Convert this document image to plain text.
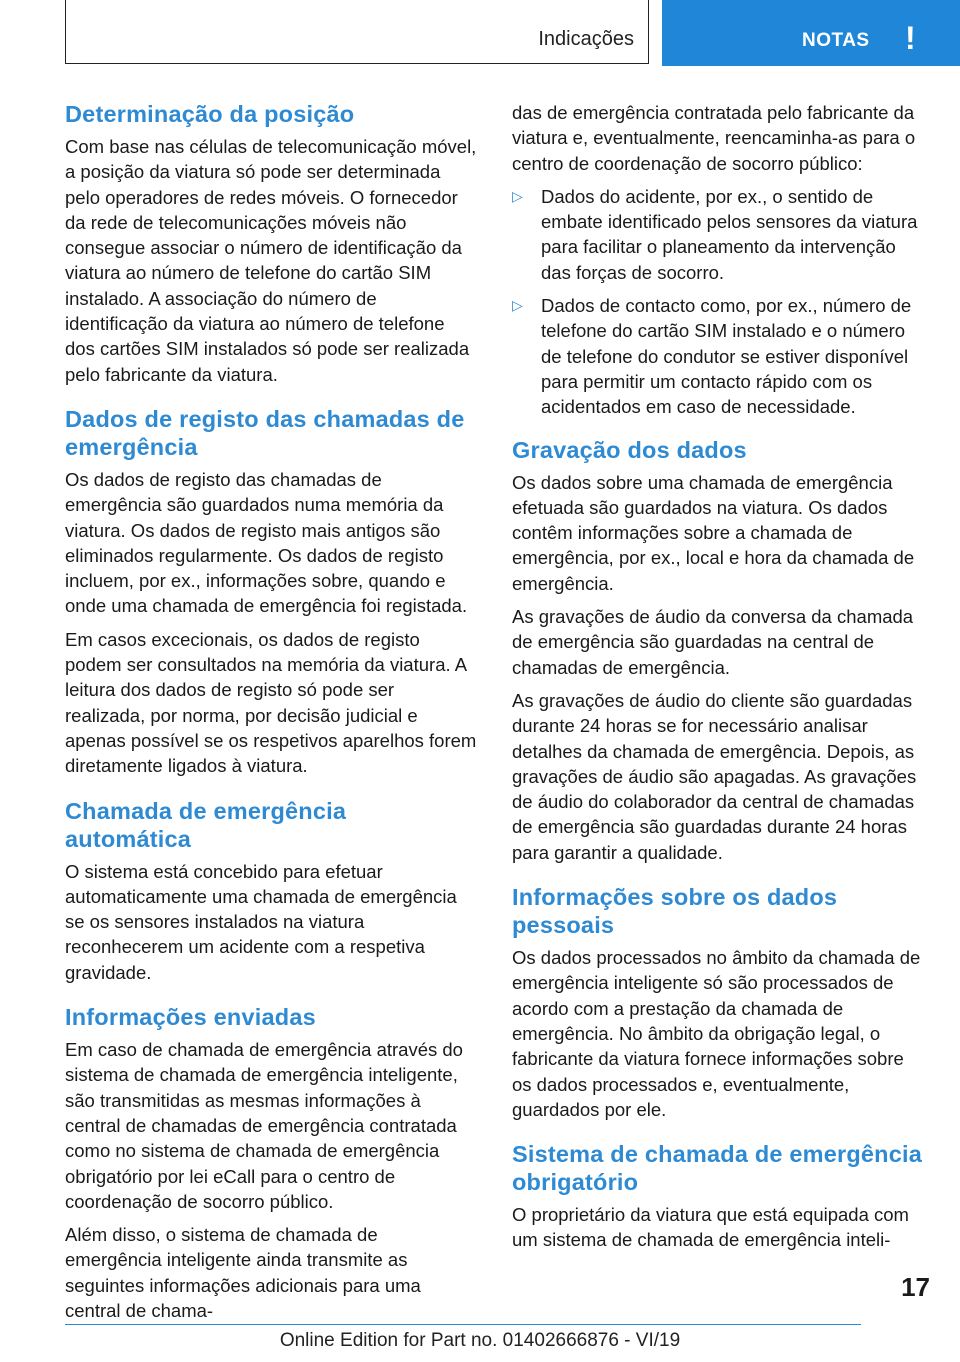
Indicações	NOTAS !
Determinação da posição

Com base nas células de telecomunicação móvel, a posição da viatura só pode ser determinada pelo operadores de redes móveis. O fornecedor da rede de telecomunicações móveis não consegue associar o número de identificação da viatura ao número de telefone do cartão SIM instalado. A associação do número de identificação da viatura ao número de telefone dos cartões SIM instalados só pode ser realizada pelo fabricante da viatura.

Dados de registo das chamadas de emergência

Os dados de registo das chamadas de emergência são guardados numa memória da viatura. Os dados de registo mais antigos são eliminados regularmente. Os dados de registo incluem, por ex., informações sobre, quando e onde uma chamada de emergência foi registada.

Em casos excecionais, os dados de registo podem ser consultados na memória da viatura. A leitura dos dados de registo só pode ser realizada, por norma, por decisão judicial e apenas possível se os respetivos aparelhos forem diretamente ligados à viatura.

Chamada de emergência automática

O sistema está concebido para efetuar automaticamente uma chamada de emergência se os sensores instalados na viatura reconhecerem um acidente com a respetiva gravidade.

Informações enviadas

Em caso de chamada de emergência através do sistema de chamada de emergência inteligente, são transmitidas as mesmas informações à central de chamadas de emergência contratada como no sistema de chamada de emergência obrigatório por lei eCall para o centro de coordenação de socorro público.

Além disso, o sistema de chamada de emergência inteligente ainda transmite as seguintes informações adicionais para uma central de chama-

das de emergência contratada pelo fabricante da viatura e, eventualmente, reencaminha-as para o centro de coordenação de socorro público:

▷ Dados do acidente, por ex., o sentido de embate identificado pelos sensores da viatura para facilitar o planeamento da intervenção das forças de socorro.
▷ Dados de contacto como, por ex., número de telefone do cartão SIM instalado e o número de telefone do condutor se estiver disponível para permitir um contacto rápido com os acidentados em caso de necessidade.
Gravação dos dados

Os dados sobre uma chamada de emergência efetuada são guardados na viatura. Os dados contêm informações sobre a chamada de emergência, por ex., local e hora da chamada de emergência.

As gravações de áudio da conversa da chamada de emergência são guardadas na central de chamadas de emergência.

As gravações de áudio do cliente são guardadas durante 24 horas se for necessário analisar detalhes da chamada de emergência. Depois, as gravações de áudio são apagadas. As gravações de áudio do colaborador da central de chamadas de emergência são guardadas durante 24 horas para garantir a qualidade.

Informações sobre os dados pessoais

Os dados processados no âmbito da chamada de emergência inteligente só são processados de acordo com a prestação da chamada de emergência. No âmbito da obrigação legal, o fabricante da viatura fornece informações sobre os dados processados e, eventualmente, guardados por ele.

Sistema de chamada de emergência obrigatório

O proprietário da viatura que está equipada com um sistema de chamada de emergência inteli-

17
Online Edition for Part no. 01402666876 - VI/19
